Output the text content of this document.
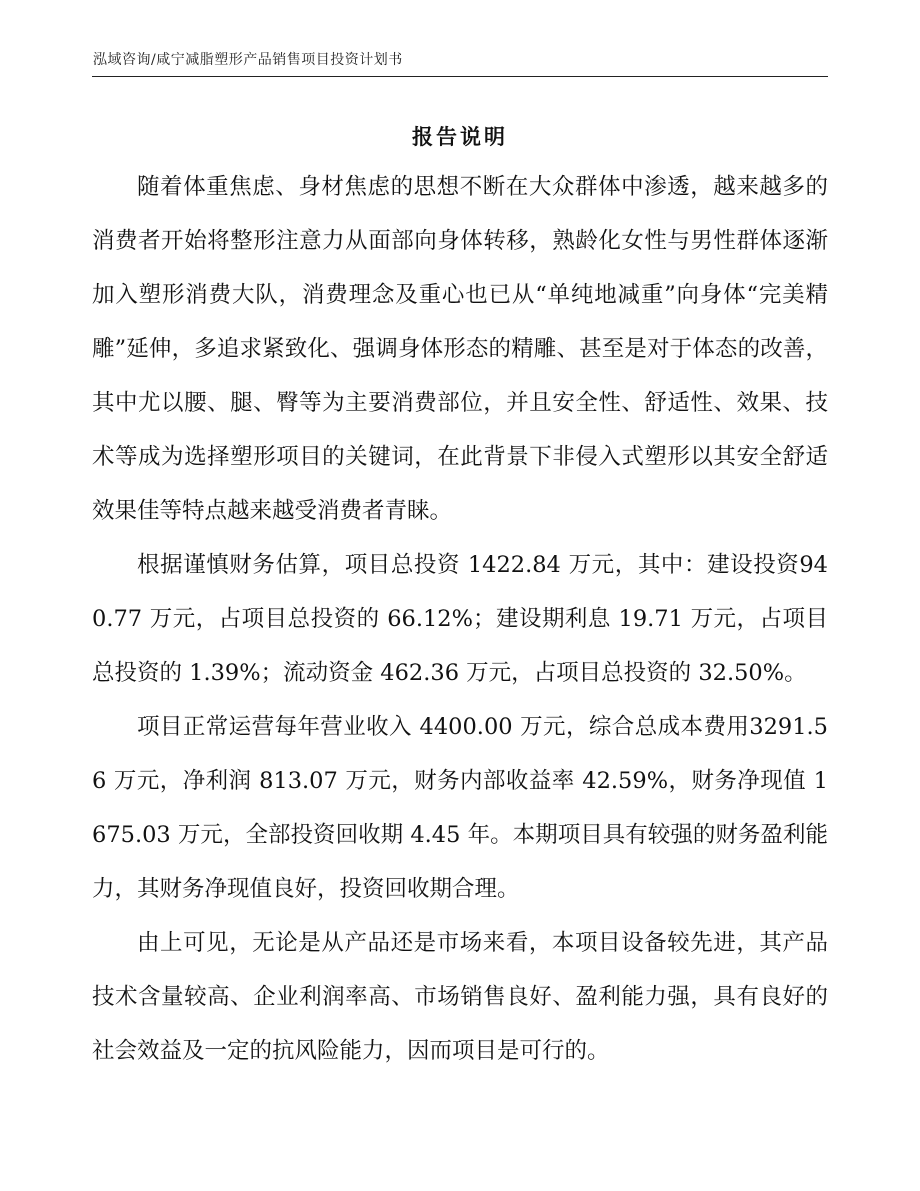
泓域咨询/咸宁减脂塑形产品销售项目投资计划书
报告说明

随着体重焦虑、身材焦虑的思想不断在大众群体中渗透，越来越多的消费者开始将整形注意力从面部向身体转移，熟龄化女性与男性群体逐渐加入塑形消费大队，消费理念及重心也已从“单纯地减重”向身体“完美精雕”延伸，多追求紧致化、强调身体形态的精雕、甚至是对于体态的改善，其中尤以腰、腿、臀等为主要消费部位，并且安全性、舒适性、效果、技术等成为选择塑形项目的关键词，在此背景下非侵入式塑形以其安全舒适效果佳等特点越来越受消费者青睐。

根据谨慎财务估算，项目总投资 1422.84 万元，其中：建设投资940.77 万元，占项目总投资的 66.12%；建设期利息 19.71 万元，占项目总投资的 1.39%；流动资金 462.36 万元，占项目总投资的 32.50%。

项目正常运营每年营业收入 4400.00 万元，综合总成本费用3291.56 万元，净利润 813.07 万元，财务内部收益率 42.59%，财务净现值 1675.03 万元，全部投资回收期 4.45 年。本期项目具有较强的财务盈利能力，其财务净现值良好，投资回收期合理。

由上可见，无论是从产品还是市场来看，本项目设备较先进，其产品技术含量较高、企业利润率高、市场销售良好、盈利能力强，具有良好的社会效益及一定的抗风险能力，因而项目是可行的。
